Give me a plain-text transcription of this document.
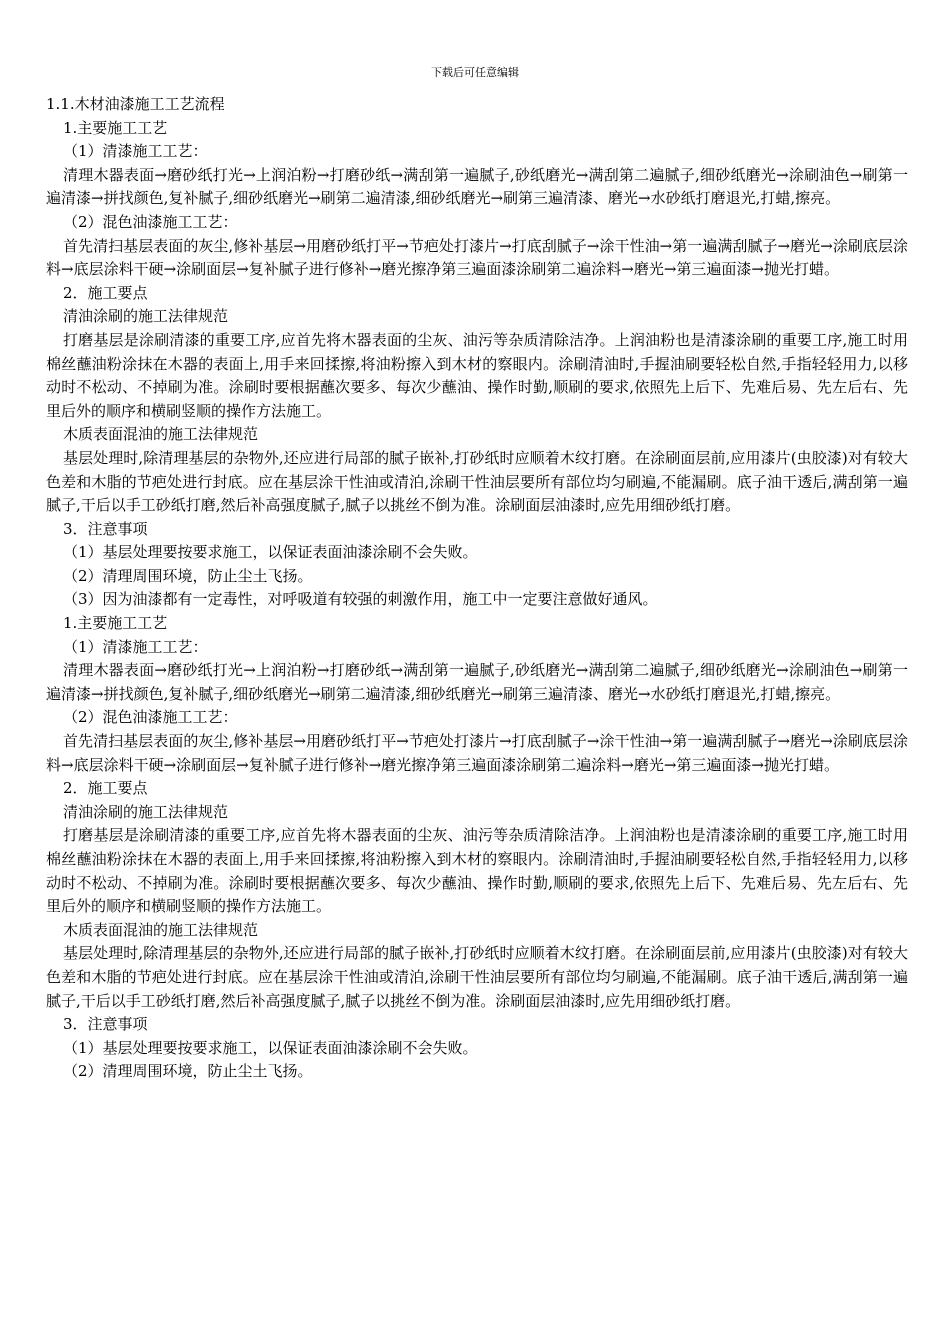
下载后可任意编辑

1.1.木材油漆施工工艺流程

1.主要施工工艺

（1）清漆施工工艺：

清理木器表面→磨砂纸打光→上润泊粉→打磨砂纸→满刮第一遍腻子,砂纸磨光→满刮第二遍腻子,细砂纸磨光→涂刷油色→刷第一遍清漆→拼找颜色,复补腻子,细砂纸磨光→刷第二遍清漆,细砂纸磨光→刷第三遍清漆、磨光→水砂纸打磨退光,打蜡,擦亮。

（2）混色油漆施工工艺：

首先清扫基层表面的灰尘,修补基层→用磨砂纸打平→节疤处打漆片→打底刮腻子→涂干性油→第一遍满刮腻子→磨光→涂刷底层涂料→底层涂料干硬→涂刷面层→复补腻子进行修补→磨光擦净第三遍面漆涂刷第二遍涂料→磨光→第三遍面漆→抛光打蜡。

2．施工要点

清油涂刷的施工法律规范

打磨基层是涂刷清漆的重要工序,应首先将木器表面的尘灰、油污等杂质清除洁净。上润油粉也是清漆涂刷的重要工序,施工时用棉丝蘸油粉涂抹在木器的表面上,用手来回揉擦,将油粉擦入到木材的察眼内。涂刷清油时,手握油刷要轻松自然,手指轻轻用力,以移动时不松动、不掉刷为准。涂刷时要根据蘸次要多、每次少蘸油、操作时勤,顺刷的要求,依照先上后下、先难后易、先左后右、先里后外的顺序和横刷竖顺的操作方法施工。

木质表面混油的施工法律规范

基层处理时,除清理基层的杂物外,还应进行局部的腻子嵌补,打砂纸时应顺着木纹打磨。在涂刷面层前,应用漆片(虫胶漆)对有较大色差和木脂的节疤处进行封底。应在基层涂干性油或清泊,涂刷干性油层要所有部位均匀刷遍,不能漏刷。底子油干透后,满刮第一遍腻子,干后以手工砂纸打磨,然后补高强度腻子,腻子以挑丝不倒为准。涂刷面层油漆时,应先用细砂纸打磨。

3．注意事项

（1）基层处理要按要求施工，以保证表面油漆涂刷不会失败。

（2）清理周围环境，防止尘土飞扬。

（3）因为油漆都有一定毒性，对呼吸道有较强的刺激作用，施工中一定要注意做好通风。

1.主要施工工艺

（1）清漆施工工艺：

清理木器表面→磨砂纸打光→上润泊粉→打磨砂纸→满刮第一遍腻子,砂纸磨光→满刮第二遍腻子,细砂纸磨光→涂刷油色→刷第一遍清漆→拼找颜色,复补腻子,细砂纸磨光→刷第二遍清漆,细砂纸磨光→刷第三遍清漆、磨光→水砂纸打磨退光,打蜡,擦亮。

（2）混色油漆施工工艺：

首先清扫基层表面的灰尘,修补基层→用磨砂纸打平→节疤处打漆片→打底刮腻子→涂干性油→第一遍满刮腻子→磨光→涂刷底层涂料→底层涂料干硬→涂刷面层→复补腻子进行修补→磨光擦净第三遍面漆涂刷第二遍涂料→磨光→第三遍面漆→抛光打蜡。

2．施工要点

清油涂刷的施工法律规范

打磨基层是涂刷清漆的重要工序,应首先将木器表面的尘灰、油污等杂质清除洁净。上润油粉也是清漆涂刷的重要工序,施工时用棉丝蘸油粉涂抹在木器的表面上,用手来回揉擦,将油粉擦入到木材的察眼内。涂刷清油时,手握油刷要轻松自然,手指轻轻用力,以移动时不松动、不掉刷为准。涂刷时要根据蘸次要多、每次少蘸油、操作时勤,顺刷的要求,依照先上后下、先难后易、先左后右、先里后外的顺序和横刷竖顺的操作方法施工。

木质表面混油的施工法律规范

基层处理时,除清理基层的杂物外,还应进行局部的腻子嵌补,打砂纸时应顺着木纹打磨。在涂刷面层前,应用漆片(虫胶漆)对有较大色差和木脂的节疤处进行封底。应在基层涂干性油或清泊,涂刷干性油层要所有部位均匀刷遍,不能漏刷。底子油干透后,满刮第一遍腻子,干后以手工砂纸打磨,然后补高强度腻子,腻子以挑丝不倒为准。涂刷面层油漆时,应先用细砂纸打磨。

3．注意事项

（1）基层处理要按要求施工，以保证表面油漆涂刷不会失败。

（2）清理周围环境，防止尘土飞扬。
